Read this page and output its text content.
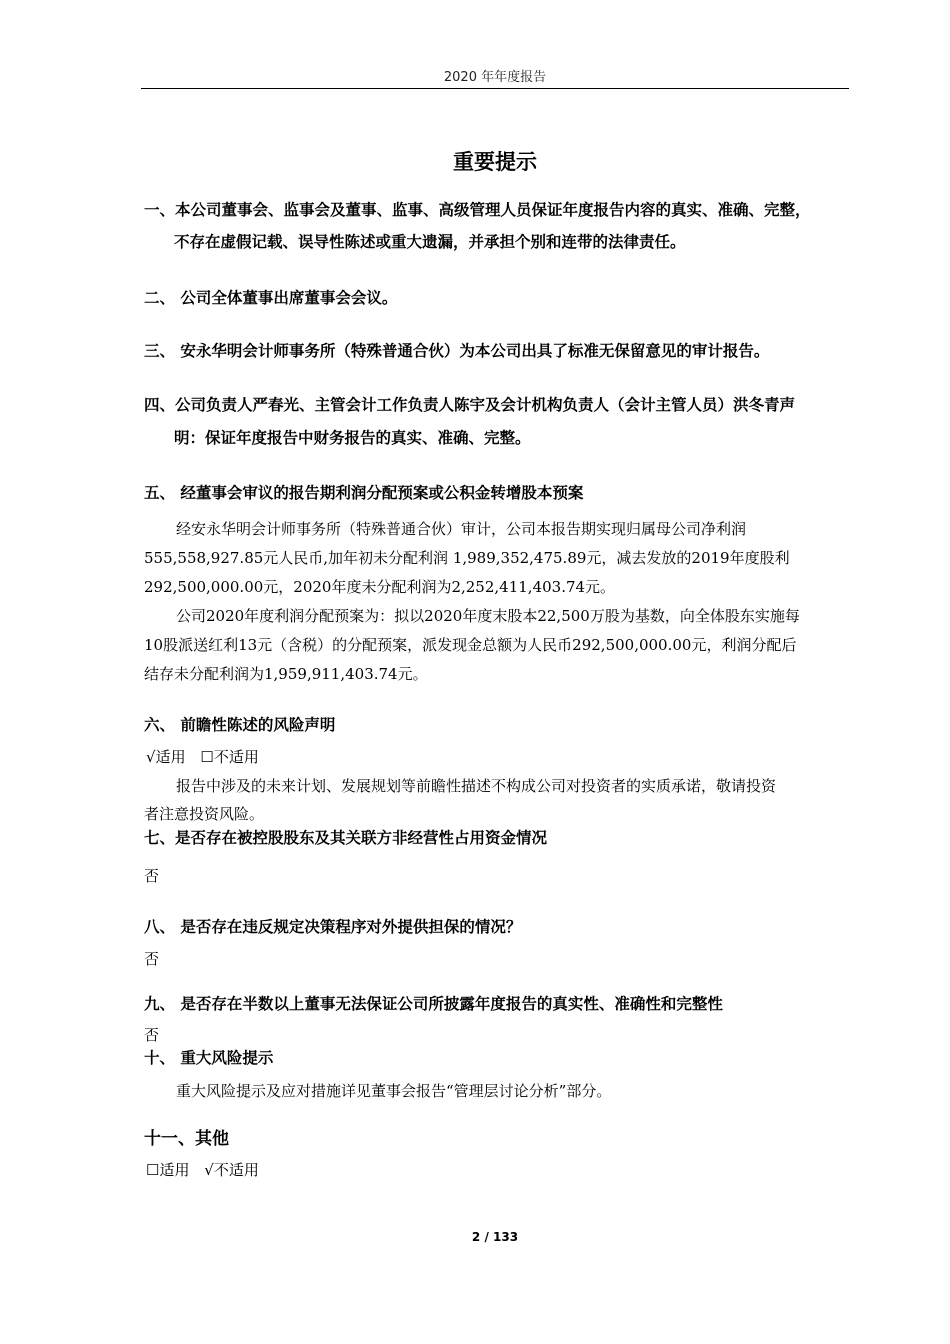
2020 年年度报告
重要提示
一、本公司董事会、监事会及董事、监事、高级管理人员保证年度报告内容的真实、准确、完整，
不存在虚假记载、误导性陈述或重大遗漏，并承担个别和连带的法律责任。
二、 公司全体董事出席董事会会议。
三、 安永华明会计师事务所（特殊普通合伙）为本公司出具了标准无保留意见的审计报告。
四、公司负责人严春光、主管会计工作负责人陈宇及会计机构负责人（会计主管人员）洪冬青声
明：保证年度报告中财务报告的真实、准确、完整。
五、 经董事会审议的报告期利润分配预案或公积金转增股本预案
经安永华明会计师事务所（特殊普通合伙）审计，公司本报告期实现归属母公司净利润
555,558,927.85元人民币,加年初未分配利润 1,989,352,475.89元，减去发放的2019年度股利
292,500,000.00元，2020年度未分配利润为2,252,411,403.74元。
公司2020年度利润分配预案为：拟以2020年度末股本22,500万股为基数，向全体股东实施每
10股派送红利13元（含税）的分配预案，派发现金总额为人民币292,500,000.00元，利润分配后
结存未分配利润为1,959,911,403.74元。
六、 前瞻性陈述的风险声明
√适用 ☐不适用
报告中涉及的未来计划、发展规划等前瞻性描述不构成公司对投资者的实质承诺，敬请投资
者注意投资风险。
七、是否存在被控股股东及其关联方非经营性占用资金情况
否
八、 是否存在违反规定决策程序对外提供担保的情况？
否
九、 是否存在半数以上董事无法保证公司所披露年度报告的真实性、准确性和完整性
否
十、 重大风险提示
重大风险提示及应对措施详见董事会报告“管理层讨论分析”部分。
十一、其他
☐适用 √不适用
2 / 133
